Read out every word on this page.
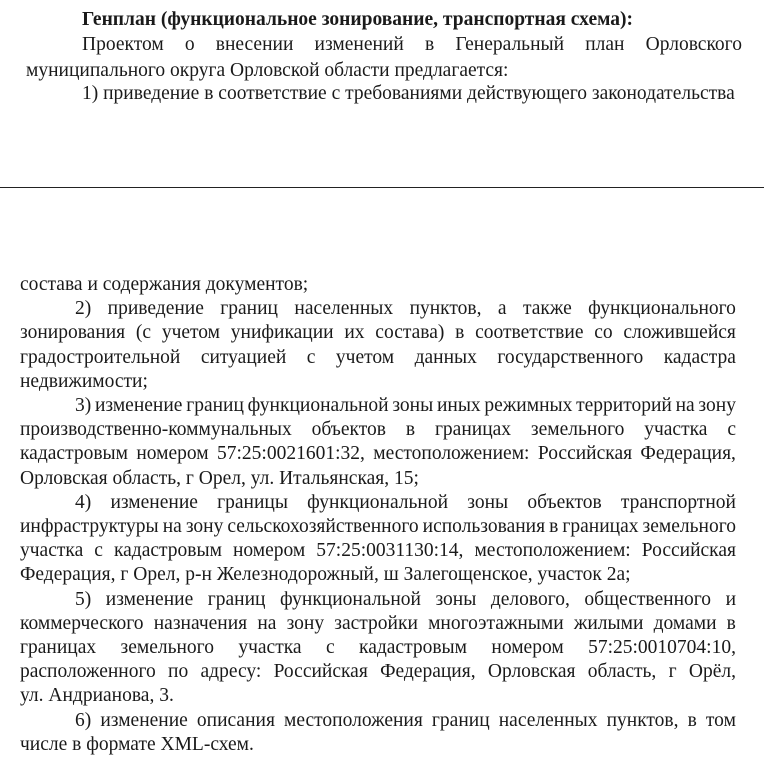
Генплан (функциональное зонирование, транспортная схема):
Проектом о внесении изменений в Генеральный план Орловского
муниципального округа Орловской области предлагается:
1) приведение в соответствие с требованиями действующего законодательства
состава и содержания документов;
2) приведение границ населенных пунктов, а также функционального
зонирования (с учетом унификации их состава) в соответствие со сложившейся
градостроительной ситуацией с учетом данных государственного кадастра
недвижимости;
3) изменение границ функциональной зоны иных режимных территорий на зону
производственно-коммунальных объектов в границах земельного участка с
кадастровым номером 57:25:0021601:32, местоположением: Российская Федерация,
Орловская область, г Орел, ул. Итальянская, 15;
4) изменение границы функциональной зоны объектов транспортной
инфраструктуры на зону сельскохозяйственного использования в границах земельного
участка с кадастровым номером 57:25:0031130:14, местоположением: Российская
Федерация, г Орел, р-н Железнодорожный, ш Залегощенское, участок 2а;
5) изменение границ функциональной зоны делового, общественного и
коммерческого назначения на зону застройки многоэтажными жилыми домами в
границах земельного участка с кадастровым номером 57:25:0010704:10,
расположенного по адресу: Российская Федерация, Орловская область, г Орёл,
ул. Андрианова, 3.
6) изменение описания местоположения границ населенных пунктов, в том
числе в формате XML-схем.
